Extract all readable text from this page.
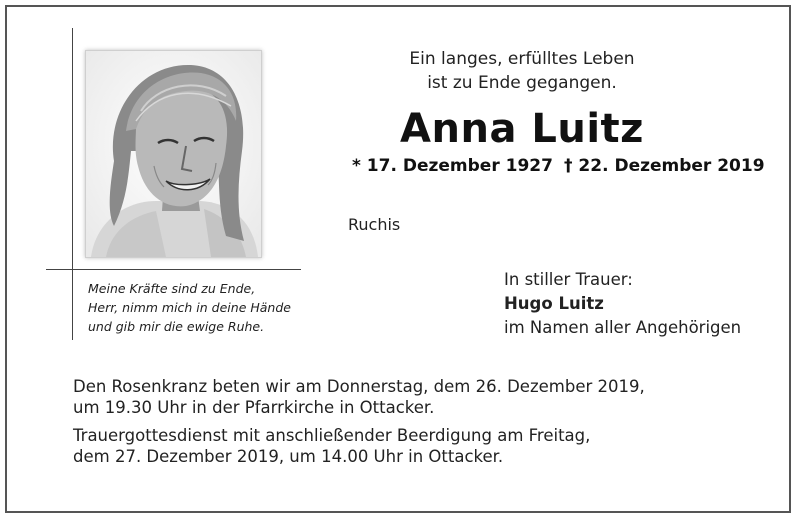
Meine Kräfte sind zu Ende,
Herr, nimm mich in deine Hände
und gib mir die ewige Ruhe.
Ein langes, erfülltes Leben
ist zu Ende gegangen.
Anna Luitz
* 17. Dezember 1927 † 22. Dezember 2019
Ruchis
In stiller Trauer:
Hugo Luitz
im Namen aller Angehörigen

Den Rosenkranz beten wir am Donnerstag, dem 26. Dezember 2019,
um 19.30 Uhr in der Pfarrkirche in Ottacker.

Trauergottesdienst mit anschließender Beerdigung am Freitag,
dem 27. Dezember 2019, um 14.00 Uhr in Ottacker.
